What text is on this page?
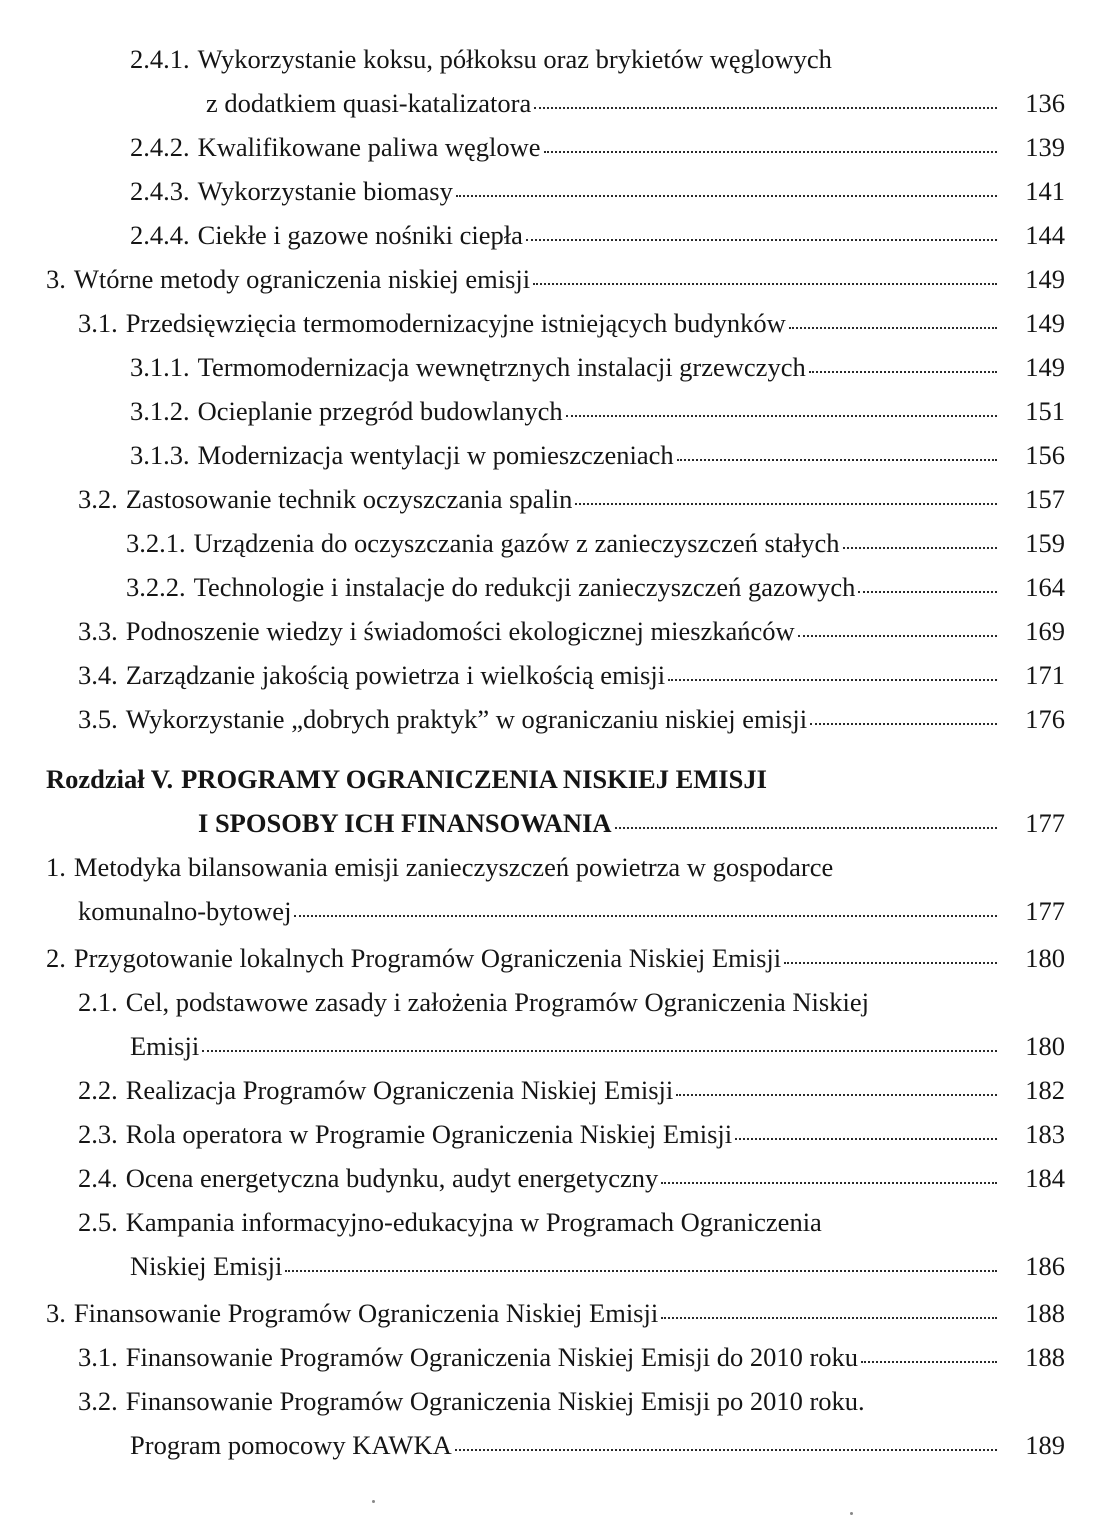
2.4.1. Wykorzystanie koksu, półkoksu oraz brykietów węglowych
z dodatkiem quasi-katalizatora	136
2.4.2. Kwalifikowane paliwa węglowe	139
2.4.3. Wykorzystanie biomasy	141
2.4.4. Ciekłe i gazowe nośniki ciepła	144
3. Wtórne metody ograniczenia niskiej emisji	149
3.1. Przedsięwzięcia termomodernizacyjne istniejących budynków	149
3.1.1. Termomodernizacja wewnętrznych instalacji grzewczych	149
3.1.2. Ocieplanie przegród budowlanych	151
3.1.3. Modernizacja wentylacji w pomieszczeniach	156
3.2. Zastosowanie technik oczyszczania spalin	157
3.2.1. Urządzenia do oczyszczania gazów z zanieczyszczeń stałych	159
3.2.2. Technologie i instalacje do redukcji zanieczyszczeń gazowych	164
3.3. Podnoszenie wiedzy i świadomości ekologicznej mieszkańców	169
3.4. Zarządzanie jakością powietrza i wielkością emisji	171
3.5. Wykorzystanie „dobrych praktyk” w ograniczaniu niskiej emisji	176
Rozdział V. PROGRAMY OGRANICZENIA NISKIEJ EMISJI
I SPOSOBY ICH FINANSOWANIA	177
1. Metodyka bilansowania emisji zanieczyszczeń powietrza w gospodarce
komunalno-bytowej	177
2. Przygotowanie lokalnych Programów Ograniczenia Niskiej Emisji	180
2.1. Cel, podstawowe zasady i założenia Programów Ograniczenia Niskiej
Emisji	180
2.2. Realizacja Programów Ograniczenia Niskiej Emisji	182
2.3. Rola operatora w Programie Ograniczenia Niskiej Emisji	183
2.4. Ocena energetyczna budynku, audyt energetyczny	184
2.5. Kampania informacyjno-edukacyjna w Programach Ograniczenia
Niskiej Emisji	186
3. Finansowanie Programów Ograniczenia Niskiej Emisji	188
3.1. Finansowanie Programów Ograniczenia Niskiej Emisji do 2010 roku	188
3.2. Finansowanie Programów Ograniczenia Niskiej Emisji po 2010 roku.
Program pomocowy KAWKA	189
